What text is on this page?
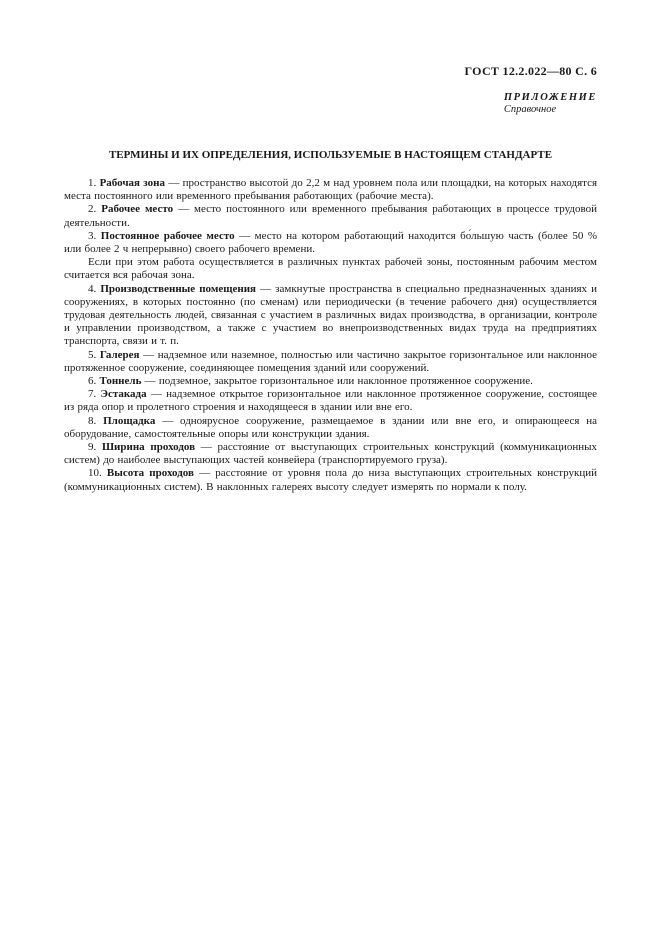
ГОСТ 12.2.022—80 С. 6
ПРИЛОЖЕНИЕ
Справочное
ТЕРМИНЫ И ИХ ОПРЕДЕЛЕНИЯ, ИСПОЛЬЗУЕМЫЕ В НАСТОЯЩЕМ СТАНДАРТЕ

1. Рабочая зона — пространство высотой до 2,2 м над уровнем пола или площадки, на которых находятся места постоянного или временного пребывания работающих (рабочие места).

2. Рабочее место — место постоянного или временного пребывания работающих в процессе трудовой деятельности.

3. Постоянное рабочее место — место на котором работающий находится бо́льшую часть (более 50 % или более 2 ч непрерывно) своего рабочего времени.

Если при этом работа осуществляется в различных пунктах рабочей зоны, постоянным рабочим местом считается вся рабочая зона.

4. Производственные помещения — замкнутые пространства в специально предназначенных зданиях и сооружениях, в которых постоянно (по сменам) или периодически (в течение рабочего дня) осуществляется трудовая деятельность людей, связанная с участием в различных видах производства, в организации, контроле и управлении производством, а также с участием во внепроизводственных видах труда на предприятиях транспорта, связи и т. п.

5. Галерея — надземное или наземное, полностью или частично закрытое горизонтальное или наклонное протяженное сооружение, соединяющее помещения зданий или сооружений.

6. Тоннель — подземное, закрытое горизонтальное или наклонное протяженное сооружение.

7. Эстакада — надземное открытое горизонтальное или наклонное протяженное сооружение, состоящее из ряда опор и пролетного строения и находящееся в здании или вне его.

8. Площадка — одноярусное сооружение, размещаемое в здании или вне его, и опирающееся на оборудование, самостоятельные опоры или конструкции здания.

9. Ширина проходов — расстояние от выступающих строительных конструкций (коммуникационных систем) до наиболее выступающих частей конвейера (транспортируемого груза).

10. Высота проходов — расстояние от уровня пола до низа выступающих строительных конструкций (коммуникационных систем). В наклонных галереях высоту следует измерять по нормали к полу.
